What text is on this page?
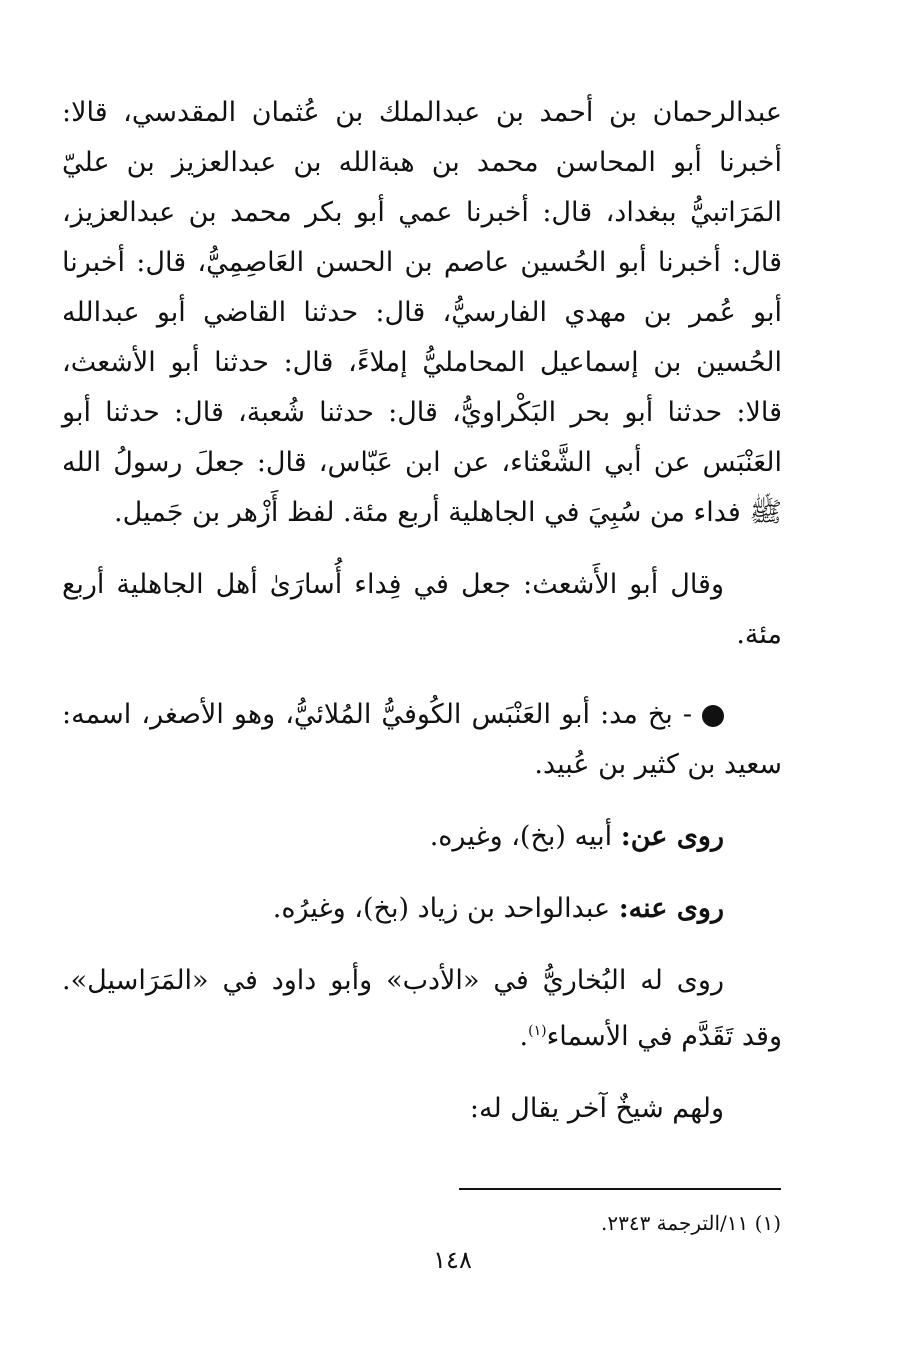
عبدالرحمان بن أحمد بن عبدالملك بن عُثمان المقدسي، قالا: أخبرنا أبو المحاسن محمد بن هبةالله بن عبدالعزيز بن عليّ المَرَاتبيُّ ببغداد، قال: أخبرنا عمي أبو بكر محمد بن عبدالعزيز، قال: أخبرنا أبو الحُسين عاصم بن الحسن العَاصِمِيُّ، قال: أخبرنا أبو عُمر بن مهدي الفارسيُّ، قال: حدثنا القاضي أبو عبدالله الحُسين بن إسماعيل المحامليُّ إملاءً، قال: حدثنا أبو الأشعث، قالا: حدثنا أبو بحر البَكْراويُّ، قال: حدثنا شُعبة، قال: حدثنا أبو العَنْبَس عن أبي الشَّعْثاء، عن ابن عَبّاس، قال: جعلَ رسولُ الله ﷺ فداء من سُبِيَ في الجاهلية أربع مئة. لفظ أَزْهر بن جَميل.

وقال أبو الأَشعث: جعل في فِداء أُسارَىٰ أهل الجاهلية أربع مئة.

- بخ مد: أبو العَنْبَس الكُوفيُّ المُلائيُّ، وهو الأصغر، اسمه: سعيد بن كثير بن عُبيد.

روى عن: أبيه (بخ)، وغيره.

روى عنه: عبدالواحد بن زياد (بخ)، وغيرُه.

روى له البُخاريُّ في «الأدب» وأبو داود في «المَرَاسيل». وقد تَقَدَّم في الأسماء$^{(١)}$.

ولهم شيخٌ آخر يقال له:

(١) ١١/الترجمة ٢٣٤٣.
١٤٨
